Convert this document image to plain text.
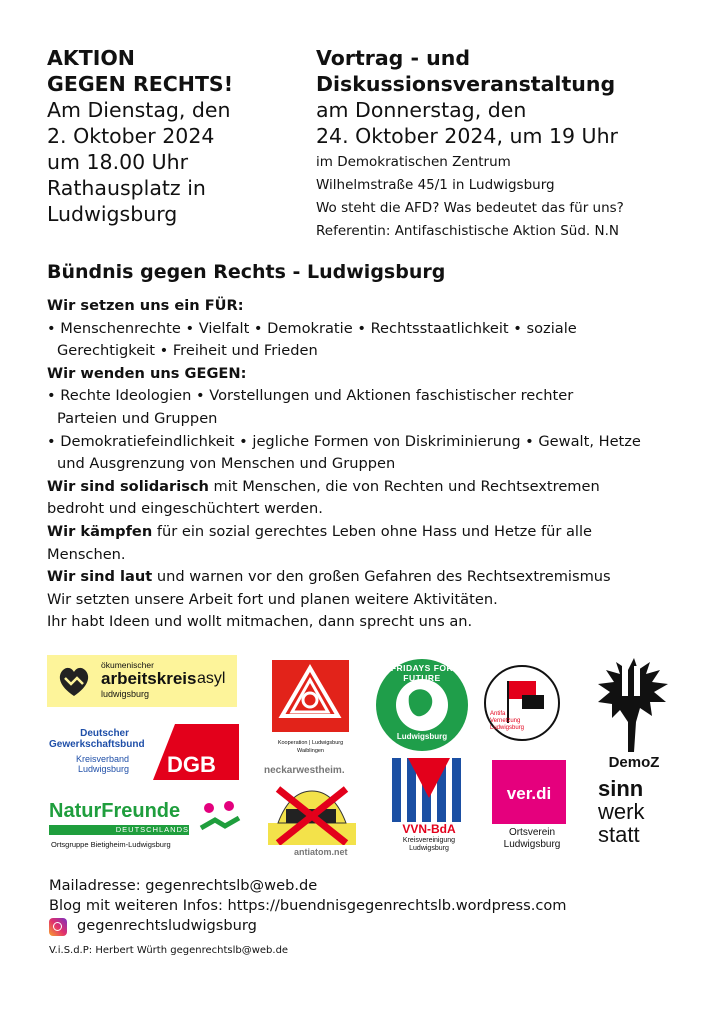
AKTION
GEGEN RECHTS!
Am Dienstag, den
2. Oktober 2024
um 18.00 Uhr
Rathausplatz in
Ludwigsburg
Vortrag - und
Diskussionsveranstaltung
am Donnerstag, den
24. Oktober 2024, um 19 Uhr
im Demokratischen Zentrum
Wilhelmstraße 45/1 in Ludwigsburg
Wo steht die AFD? Was bedeutet das für uns?
Referentin: Antifaschistische Aktion Süd. N.N
Bündnis gegen Rechts - Ludwigsburg

Wir setzen uns ein FÜR:

• Menschenrechte • Vielfalt • Demokratie • Rechtsstaatlichkeit • soziale

Gerechtigkeit • Freiheit und Frieden

Wir wenden uns GEGEN:

• Rechte Ideologien • Vorstellungen und Aktionen faschistischer rechter

Parteien und Gruppen

• Demokratiefeindlichkeit • jegliche Formen von Diskriminierung • Gewalt, Hetze

und Ausgrenzung von Menschen und Gruppen

Wir sind solidarisch mit Menschen, die von Rechten und Rechtsextremen

bedroht und eingeschüchtert werden.

Wir kämpfen für ein sozial gerechtes Leben ohne Hass und Hetze für alle

Menschen.

Wir sind laut und warnen vor den großen Gefahren des Rechtsextremismus

Wir setzten unsere Arbeit fort und planen weitere Aktivitäten.

Ihr habt Ideen und wollt mitmachen, dann sprecht uns an.

ökumenischer
arbeitskreis asyl
ludwigsburg
Kooperation | Ludwigsburg
Waiblingen
FRIDAYS FOR FUTURE
Ludwigsburg
Antifa
Vernetzung
Ludwigsburg
DemoZ
Deutscher
Gewerkschaftsbund
Kreisverband
Ludwigsburg DGB	neckarwestheim.
antiatom.net
NaturFreunde
DEUTSCHLANDS
Ortsgruppe Bietigheim-Ludwigsburg
VVN-BdA
Kreisvereinigung
Ludwigsburg
ver.di
Ortsverein
Ludwigsburg
sinn
werk
statt
Mailadresse: gegenrechtslb@web.de
Blog mit weiteren Infos: https://buendnisgegenrechtslb.wordpress.com
gegenrechtsludwigsburg
V.i.S.d.P: Herbert Würth gegenrechtslb@web.de
